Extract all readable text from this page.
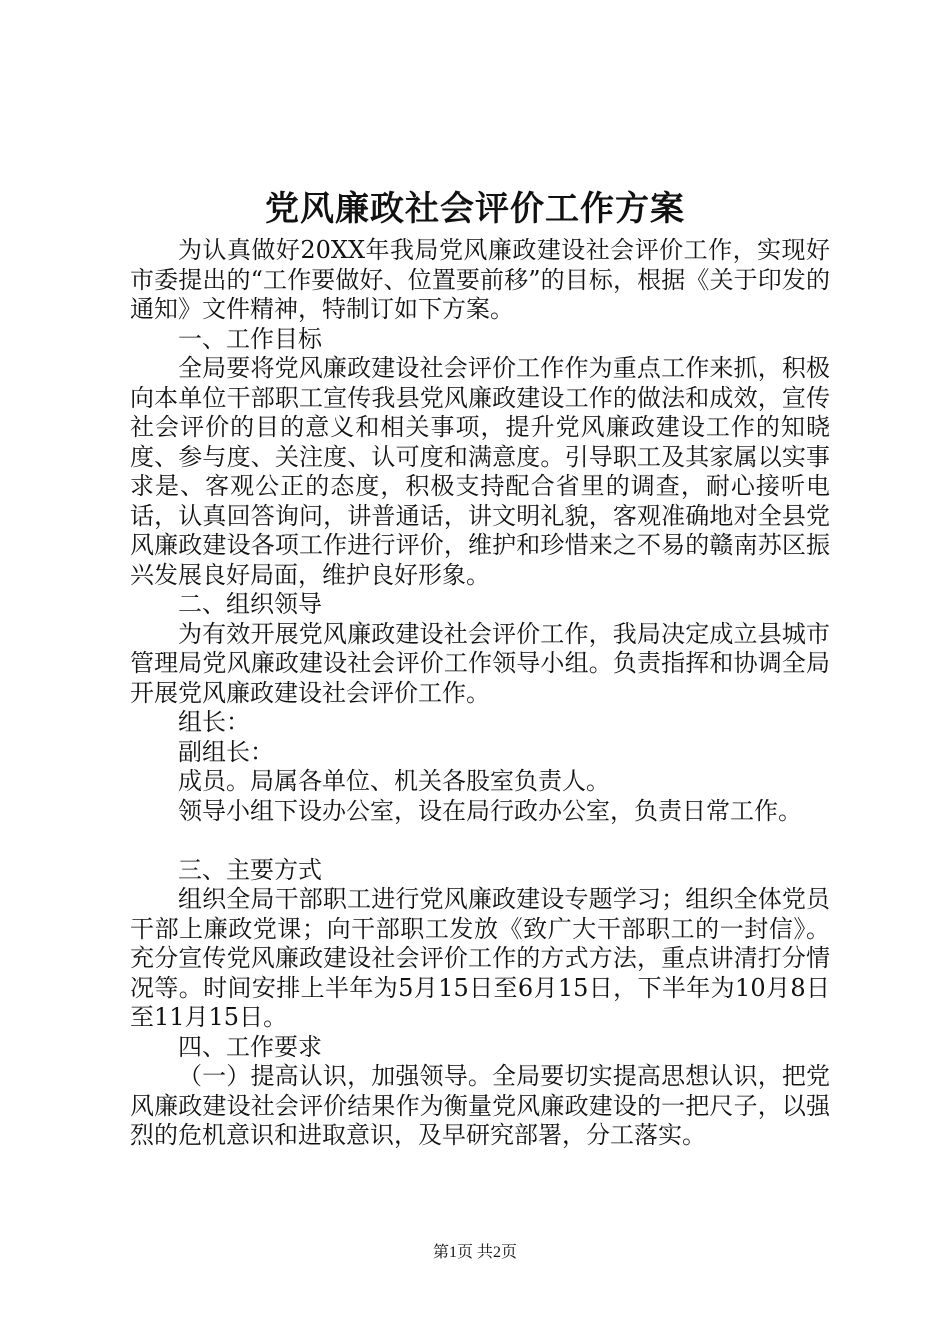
党风廉政社会评价工作方案

为认真做好20XX年我局党风廉政建设社会评价工作，实现好市委提出的“工作要做好、位置要前移”的目标，根据《关于印发的通知》文件精神，特制订如下方案。

一、工作目标

全局要将党风廉政建设社会评价工作作为重点工作来抓，积极向本单位干部职工宣传我县党风廉政建设工作的做法和成效，宣传社会评价的目的意义和相关事项，提升党风廉政建设工作的知晓度、参与度、关注度、认可度和满意度。引导职工及其家属以实事求是、客观公正的态度，积极支持配合省里的调查，耐心接听电话，认真回答询问，讲普通话，讲文明礼貌，客观准确地对全县党风廉政建设各项工作进行评价，维护和珍惜来之不易的赣南苏区振兴发展良好局面，维护良好形象。

二、组织领导

为有效开展党风廉政建设社会评价工作，我局决定成立县城市管理局党风廉政建设社会评价工作领导小组。负责指挥和协调全局开展党风廉政建设社会评价工作。

组长：

副组长：

成员。局属各单位、机关各股室负责人。

领导小组下设办公室，设在局行政办公室，负责日常工作。

三、主要方式

组织全局干部职工进行党风廉政建设专题学习；组织全体党员干部上廉政党课；向干部职工发放《致广大干部职工的一封信》。充分宣传党风廉政建设社会评价工作的方式方法，重点讲清打分情况等。时间安排上半年为5月15日至6月15日，下半年为10月8日至11月15日。

四、工作要求

（一）提高认识，加强领导。全局要切实提高思想认识，把党风廉政建设社会评价结果作为衡量党风廉政建设的一把尺子，以强烈的危机意识和进取意识，及早研究部署，分工落实。

第1页 共2页
